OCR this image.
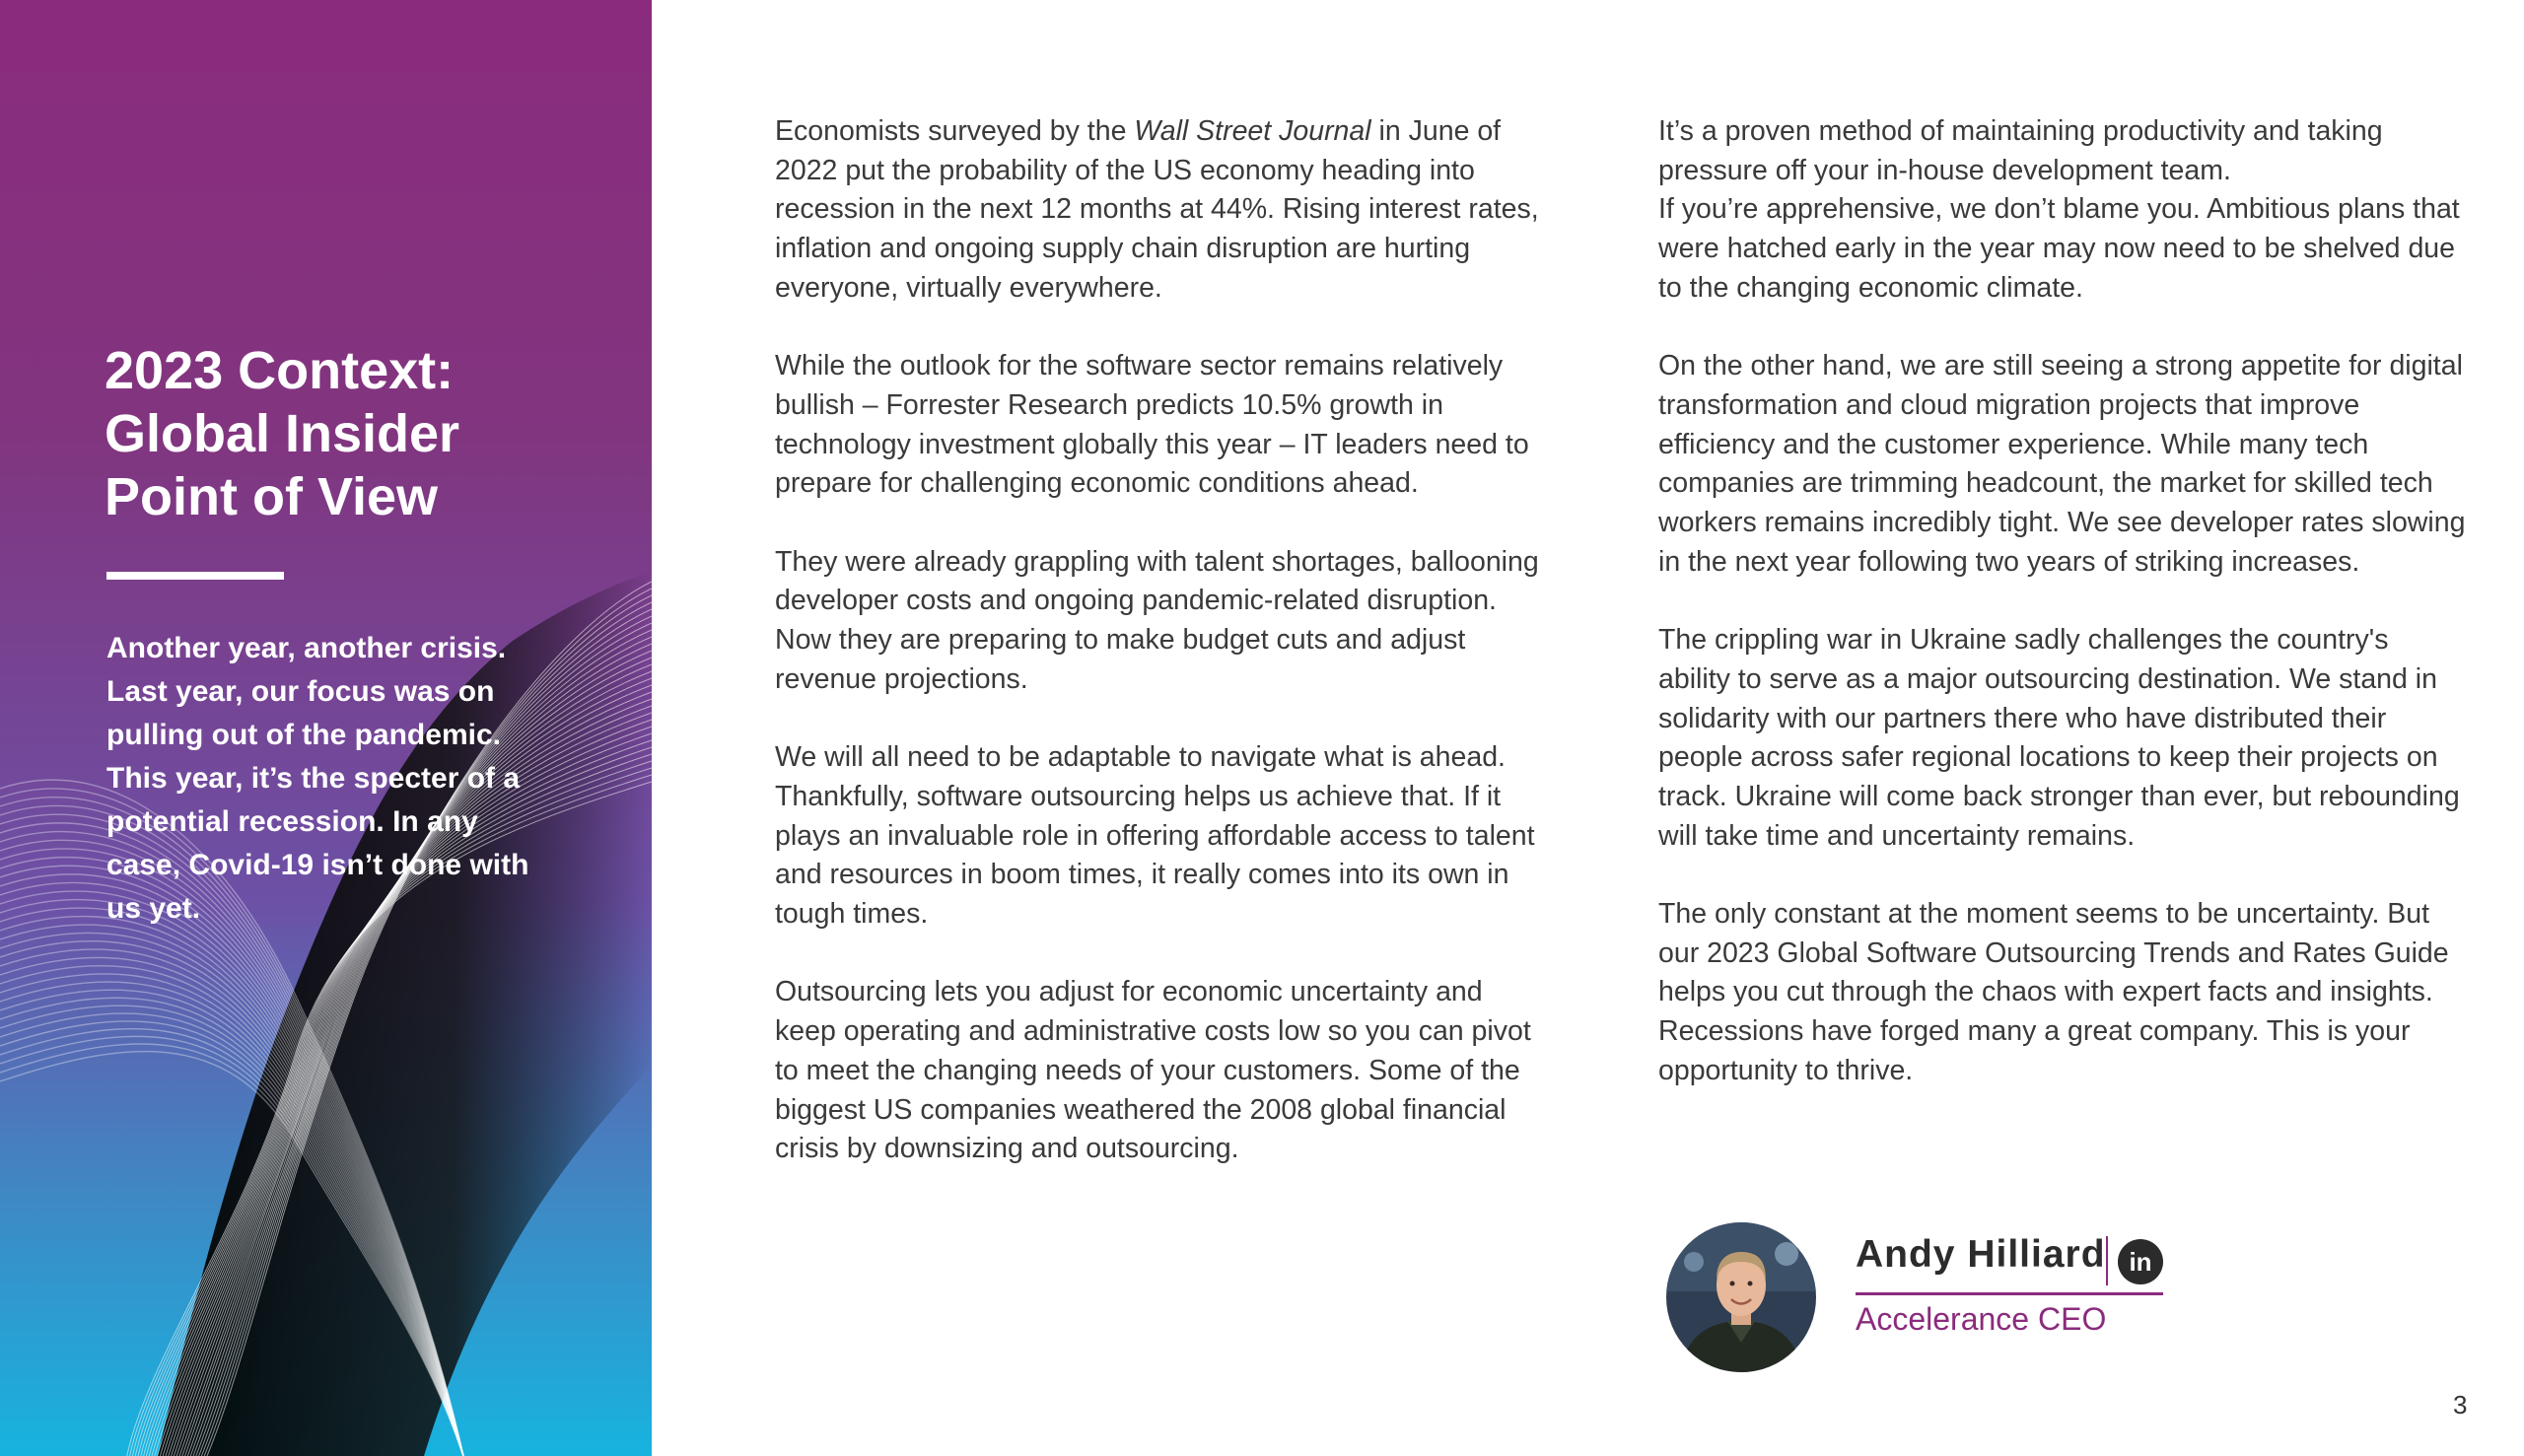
2023 Context:
Global Insider
Point of View

Another year, another crisis. Last year, our focus was on pulling out of the pandemic. This year, it’s the specter of a potential recession. In any case, Covid-19 isn’t done with us yet.

Economists surveyed by the Wall Street Journal in June of 2022 put the probability of the US economy heading into recession in the next 12 months at 44%. Rising interest rates, inflation and ongoing supply chain disruption are hurting everyone, virtually everywhere.

While the outlook for the software sector remains relatively bullish – Forrester Research predicts 10.5% growth in technology investment globally this year – IT leaders need to prepare for challenging economic conditions ahead.

They were already grappling with talent shortages, ballooning developer costs and ongoing pandemic-related disruption. Now they are preparing to make budget cuts and adjust revenue projections.

We will all need to be adaptable to navigate what is ahead. Thankfully, software outsourcing helps us achieve that. If it plays an invaluable role in offering affordable access to talent and resources in boom times, it really comes into its own in tough times.

Outsourcing lets you adjust for economic uncertainty and keep operating and administrative costs low so you can pivot to meet the changing needs of your customers. Some of the biggest US companies weathered the 2008 global financial crisis by downsizing and outsourcing.

It’s a proven method of maintaining productivity and taking pressure off your in-house development team.

If you’re apprehensive, we don’t blame you. Ambitious plans that were hatched early in the year may now need to be shelved due to the changing economic climate.

On the other hand, we are still seeing a strong appetite for digital transformation and cloud migration projects that improve efficiency and the customer experience. While many tech companies are trimming headcount, the market for skilled tech workers remains incredibly tight. We see developer rates slowing in the next year following two years of striking increases.

The crippling war in Ukraine sadly challenges the country's ability to serve as a major outsourcing destination. We stand in solidarity with our partners there who have distributed their people across safer regional locations to keep their projects on track. Ukraine will come back stronger than ever, but rebounding will take time and uncertainty remains.

The only constant at the moment seems to be uncertainty. But our 2023 Global Software Outsourcing Trends and Rates Guide helps you cut through the chaos with expert facts and insights. Recessions have forged many a great company. This is your opportunity to thrive.

Andy Hilliard in
Accelerance CEO
3
